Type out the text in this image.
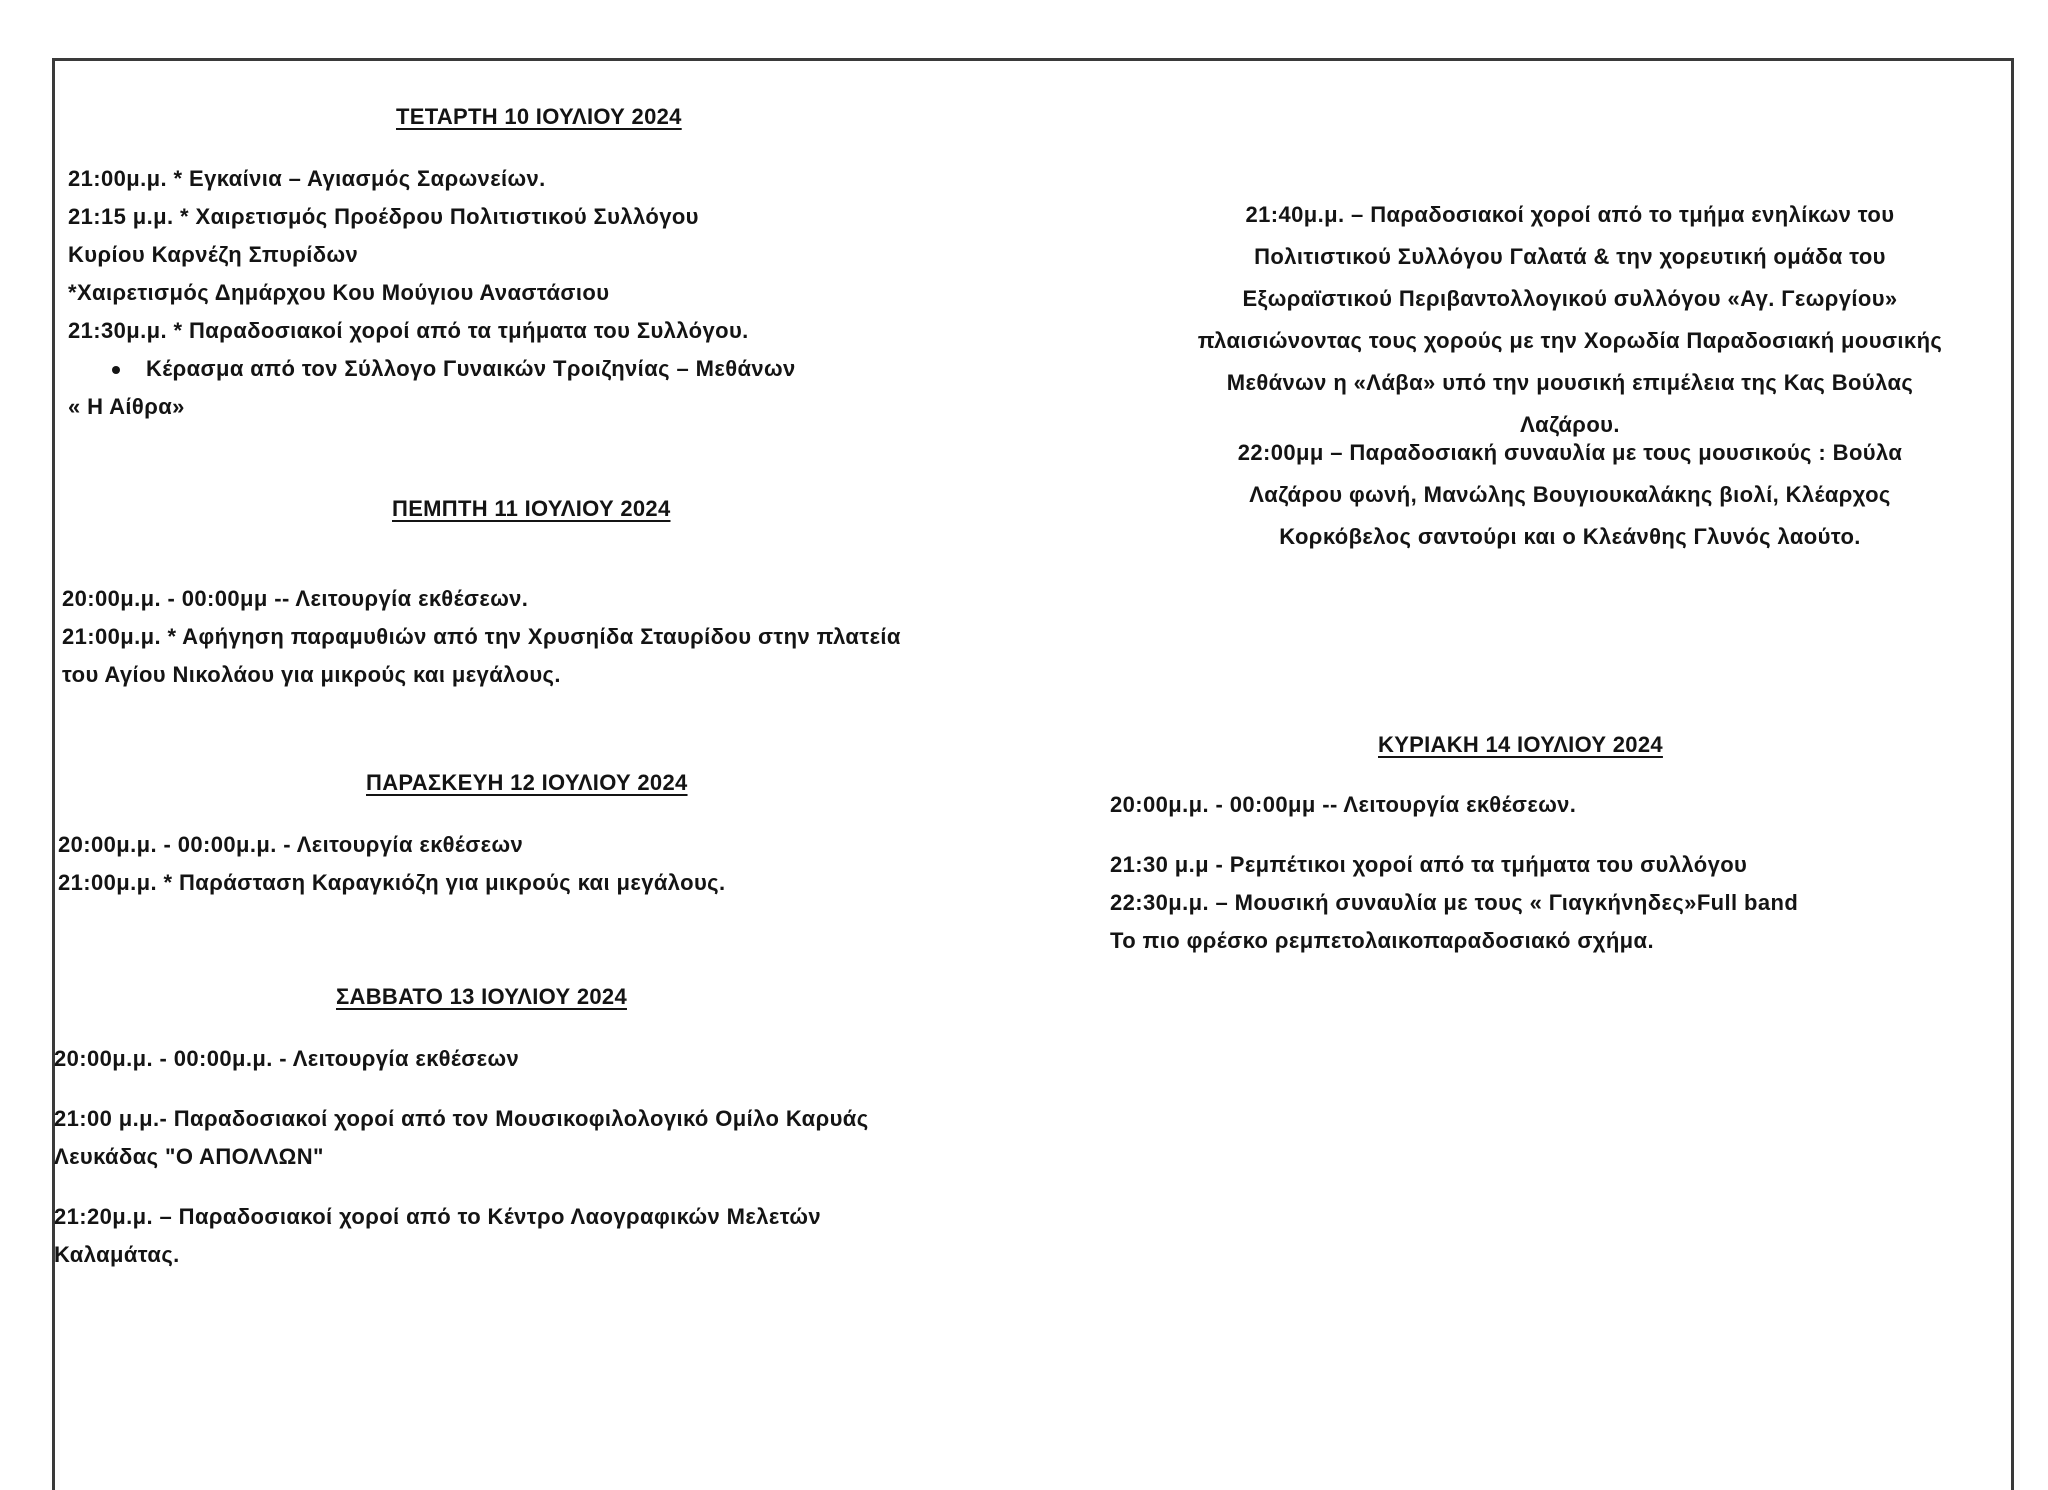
ΤΕΤΑΡΤΗ 10 ΙΟΥΛΙΟΥ 2024
21:00μ.μ. * Εγκαίνια – Αγιασμός Σαρωνείων.
21:15 μ.μ. * Χαιρετισμός Προέδρου Πολιτιστικού Συλλόγου
Κυρίου Καρνέζη Σπυρίδων
*Χαιρετισμός Δημάρχου Κου Μούγιου Αναστάσιου
21:30μ.μ. * Παραδοσιακοί χοροί από τα τμήματα του Συλλόγου.
Κέρασμα από τον Σύλλογο Γυναικών Τροιζηνίας – Μεθάνων
« Η Αίθρα»
ΠΕΜΠΤΗ 11 ΙΟΥΛΙΟΥ 2024
20:00μ.μ. - 00:00μμ -- Λειτουργία εκθέσεων.
21:00μ.μ. * Αφήγηση παραμυθιών από την Χρυσηίδα Σταυρίδου στην πλατεία
του Αγίου Νικολάου για μικρούς και μεγάλους.
ΠΑΡΑΣΚΕΥΗ 12 ΙΟΥΛΙΟΥ 2024
20:00μ.μ. - 00:00μ.μ. - Λειτουργία εκθέσεων
21:00μ.μ. * Παράσταση Καραγκιόζη για μικρούς και μεγάλους.
ΣΑΒΒΑΤΟ 13 ΙΟΥΛΙΟΥ 2024
20:00μ.μ. - 00:00μ.μ. - Λειτουργία εκθέσεων
21:00 μ.μ.- Παραδοσιακοί χοροί από τον Μουσικοφιλολογικό Ομίλο Καρυάς
Λευκάδας "Ο ΑΠΟΛΛΩΝ"
21:20μ.μ. – Παραδοσιακοί χοροί από το Κέντρο Λαογραφικών Μελετών
Καλαμάτας.
21:40μ.μ. – Παραδοσιακοί χοροί από το τμήμα ενηλίκων του
Πολιτιστικού Συλλόγου Γαλατά & την χορευτική ομάδα του
Εξωραϊστικού Περιβαντολλογικού συλλόγου «Αγ. Γεωργίου»
πλαισιώνοντας τους χορούς με την Χορωδία Παραδοσιακή μουσικής
Μεθάνων η «Λάβα» υπό την μουσική επιμέλεια της Κας Βούλας
Λαζάρου.
22:00μμ – Παραδοσιακή συναυλία με τους μουσικούς : Βούλα
Λαζάρου φωνή, Μανώλης Βουγιουκαλάκης βιολί, Κλέαρχος
Κορκόβελος σαντούρι και ο Κλεάνθης Γλυνός λαούτο.
ΚΥΡΙΑΚΗ 14 ΙΟΥΛΙΟΥ 2024
20:00μ.μ. - 00:00μμ -- Λειτουργία εκθέσεων.
21:30 μ.μ - Ρεμπέτικοι χοροί από τα τμήματα του συλλόγου
22:30μ.μ. – Μουσική συναυλία με τους « Γιαγκήνηδες»Full band
Το πιο φρέσκο ρεμπετολαικοπαραδοσιακό σχήμα.
